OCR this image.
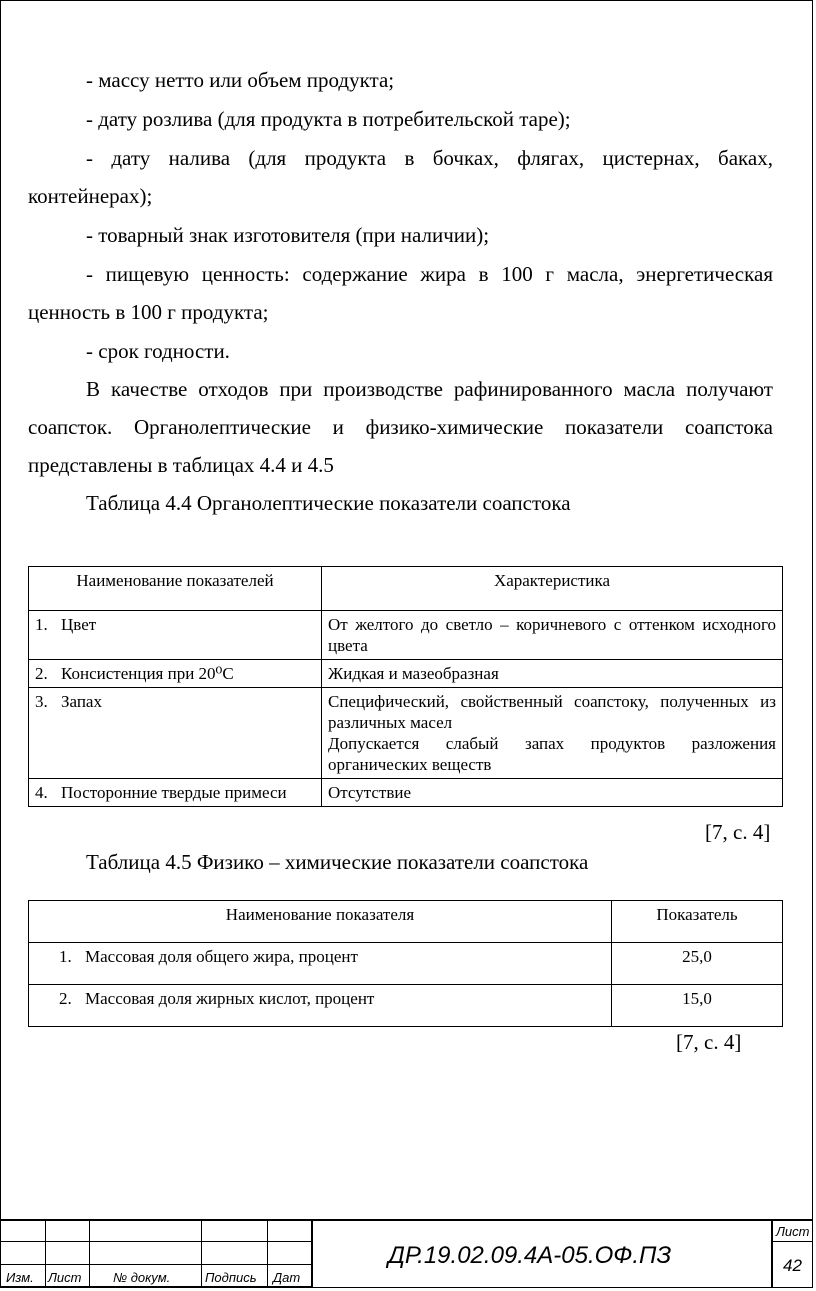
- массу нетто или объем продукта;

- дату розлива (для продукта в потребительской таре);

- дату налива (для продукта в бочках, флягах, цистернах, баках, контейнерах);

- товарный знак изготовителя (при наличии);

- пищевую ценность: содержание жира в 100 г масла, энергетическая ценность в 100 г продукта;

- срок годности.

В качестве отходов при производстве рафинированного масла получают соапсток. Органолептические и физико-химические показатели соапстока представлены в таблицах 4.4 и 4.5

Таблица 4.4 Органолептические показатели соапстока

Наименование показателей	Характеристика
1. Цвет	От желтого до светло – коричневого с оттенком исходного цвета
2. Консистенция при 20⁰С	Жидкая и мазеобразная
3. Запах	Специфический, свойственный соапстоку, полученных из различных масел
Допускается слабый запах продуктов разложения органических веществ

4. Посторонние твердые примеси	Отсутствие
[7, с. 4]

Таблица 4.5 Физико – химические показатели соапстока

Наименование показателя	Показатель
1. Массовая доля общего жира, процент	25,0
2. Массовая доля жирных кислот, процент	15,0
[7, с. 4]
Изм. Лист № докум.	Подпись Дат
ДР.19.02.09.4А-05.ОФ.ПЗ
Лист
42
